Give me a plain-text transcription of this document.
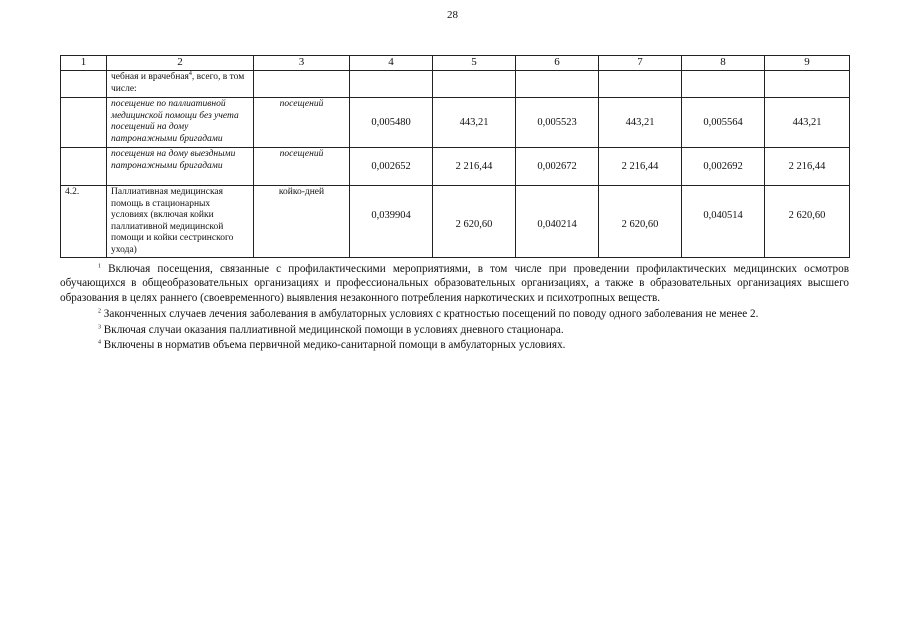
28
1	2	3	4	5	6	7	8	9
	чебная и врачебная$^4$, всего, в том числе:							
	посещение по паллиативной медицинской помощи без учета посещений на дому патронажными бригадами	посещений	0,005480	443,21	0,005523	443,21	0,005564	443,21
	посещения на дому выездными патронажными бригадами	посещений	0,002652	2 216,44	0,002672	2 216,44	0,002692	2 216,44
4.2.	Паллиативная медицинская помощь в стационарных условиях (включая койки паллиативной медицинской помощи и койки сестринского ухода)	койко-дней	0,039904	2 620,60	0,040214	2 620,60	0,040514	2 620,60

$^1$ Включая посещения, связанные с профилактическими мероприятиями, в том числе при проведении профилактических медицинских осмотров обучающихся в общеобразовательных организациях и профессиональных образовательных организациях, а также в образовательных организациях высшего образования в целях раннего (своевременного) выявления незаконного потребления наркотических и психотропных веществ.

$^2$ Законченных случаев лечения заболевания в амбулаторных условиях с кратностью посещений по поводу одного заболевания не менее 2.

$^3$ Включая случаи оказания паллиативной медицинской помощи в условиях дневного стационара.

$^4$ Включены в норматив объема первичной медико-санитарной помощи в амбулаторных условиях.
